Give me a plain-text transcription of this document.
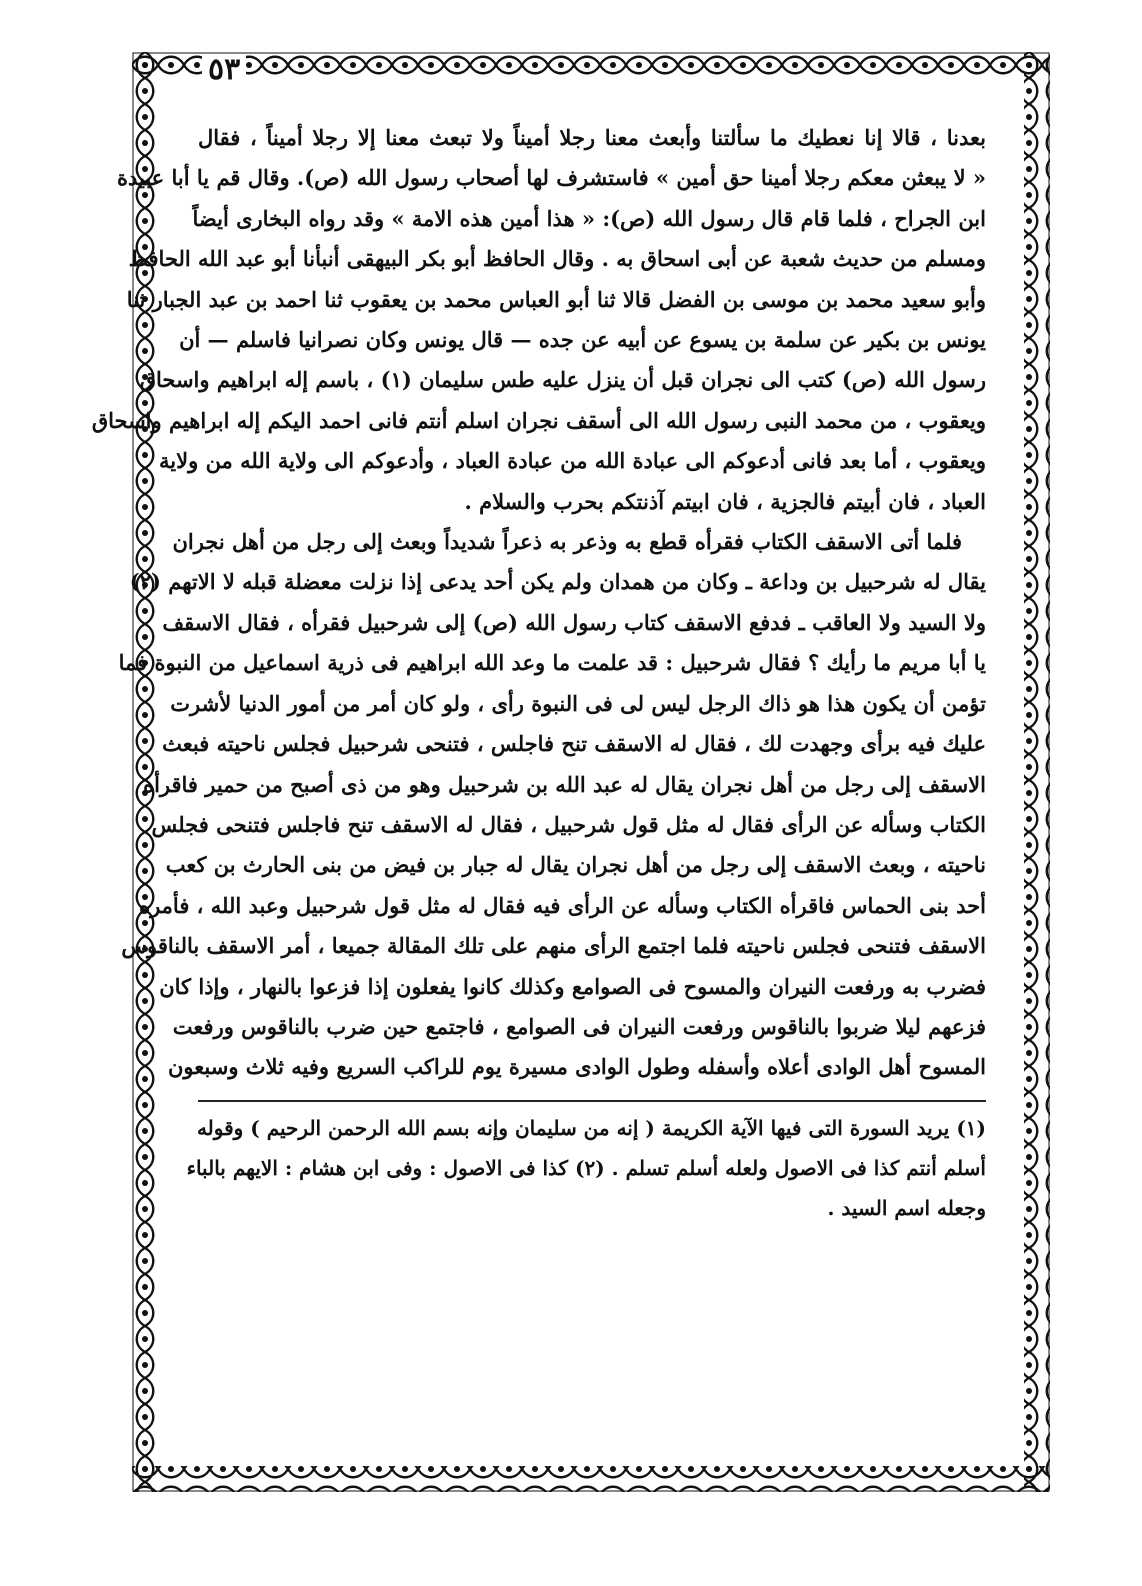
٥٣

بعدنا ، قالا إنا نعطيك ما سألتنا وأبعث معنا رجلا أميناً ولا تبعث معنا إلا رجلا أميناً ، فقال

« لا يبعثن معكم رجلا أمينا حق أمين » فاستشرف لها أصحاب رسول الله (ص). وقال قم يا أبا عبيدة

ابن الجراح ، فلما قام قال رسول الله (ص): « هذا أمين هذه الامة » وقد رواه البخارى أيضاً

ومسلم من حديث شعبة عن أبى اسحاق به . وقال الحافظ أبو بكر البيهقى أنبأنا أبو عبد الله الحافظ

وأبو سعيد محمد بن موسى بن الفضل قالا ثنا أبو العباس محمد بن يعقوب ثنا احمد بن عبد الجبار ثنا

يونس بن بكير عن سلمة بن يسوع عن أبيه عن جده — قال يونس وكان نصرانيا فاسلم — أن

رسول الله (ص) كتب الى نجران قبل أن ينزل عليه طس سليمان (١) ، باسم إله ابراهيم واسحاق

ويعقوب ، من محمد النبى رسول الله الى أسقف نجران اسلم أنتم فانى احمد اليكم إله ابراهيم واسحاق

ويعقوب ، أما بعد فانى أدعوكم الى عبادة الله من عبادة العباد ، وأدعوكم الى ولاية الله من ولاية

العباد ، فان أبيتم فالجزية ، فان ابيتم آذنتكم بحرب والسلام .

فلما أتى الاسقف الكتاب فقرأه قطع به وذعر به ذعراً شديداً وبعث إلى رجل من أهل نجران

يقال له شرحبيل بن وداعة ـ وكان من همدان ولم يكن أحد يدعى إذا نزلت معضلة قبله لا الاتهم (٢)

ولا السيد ولا العاقب ـ فدفع الاسقف كتاب رسول الله (ص) إلى شرحبيل فقرأه ، فقال الاسقف

يا أبا مريم ما رأيك ؟ فقال شرحبيل : قد علمت ما وعد الله ابراهيم فى ذرية اسماعيل من النبوة فما

تؤمن أن يكون هذا هو ذاك الرجل ليس لى فى النبوة رأى ، ولو كان أمر من أمور الدنيا لأشرت

عليك فيه برأى وجهدت لك ، فقال له الاسقف تنح فاجلس ، فتنحى شرحبيل فجلس ناحيته فبعث

الاسقف إلى رجل من أهل نجران يقال له عبد الله بن شرحبيل وهو من ذى أصبح من حمير فاقرأه

الكتاب وسأله عن الرأى فقال له مثل قول شرحبيل ، فقال له الاسقف تنح فاجلس فتنحى فجلس

ناحيته ، وبعث الاسقف إلى رجل من أهل نجران يقال له جبار بن فيض من بنى الحارث بن كعب

أحد بنى الحماس فاقرأه الكتاب وسأله عن الرأى فيه فقال له مثل قول شرحبيل وعبد الله ، فأمره

الاسقف فتنحى فجلس ناحيته فلما اجتمع الرأى منهم على تلك المقالة جميعا ، أمر الاسقف بالناقوس

فضرب به ورفعت النيران والمسوح فى الصوامع وكذلك كانوا يفعلون إذا فزعوا بالنهار ، وإذا كان

فزعهم ليلا ضربوا بالناقوس ورفعت النيران فى الصوامع ، فاجتمع حين ضرب بالناقوس ورفعت

المسوح أهل الوادى أعلاه وأسفله وطول الوادى مسيرة يوم للراكب السريع وفيه ثلاث وسبعون

(١) يريد السورة التى فيها الآية الكريمة ( إنه من سليمان وإنه بسم الله الرحمن الرحيم ) وقوله

أسلم أنتم كذا فى الاصول ولعله أسلم تسلم . (٢) كذا فى الاصول : وفى ابن هشام : الايهم بالباء

وجعله اسم السيد .
